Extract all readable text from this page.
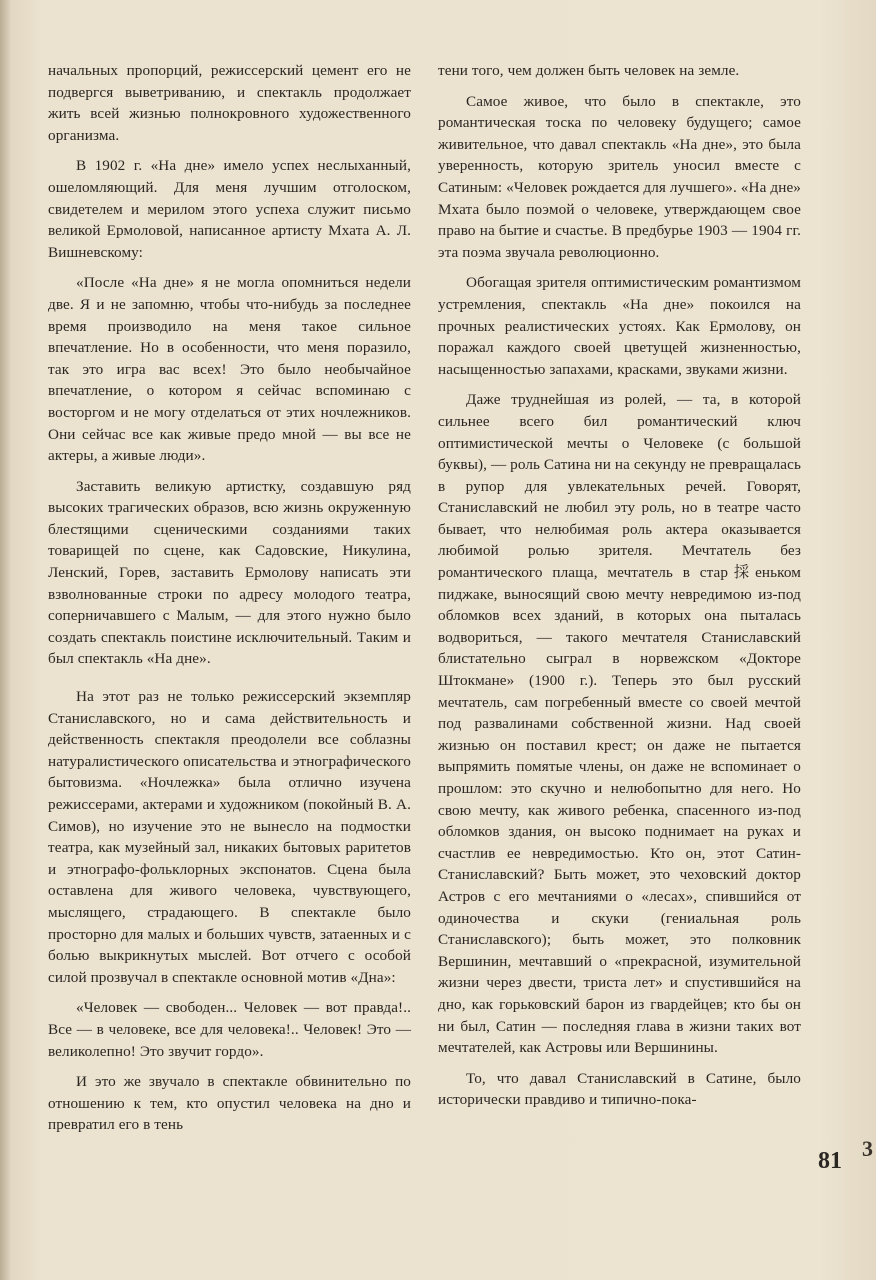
начальных пропорций, режиссерский цемент его не подвергся выветриванию, и спектакль продолжает жить всей жизнью полнокровного художественного организма.

В 1902 г. «На дне» имело успех неслыханный, ошеломляющий. Для меня лучшим отголоском, свидетелем и мерилом этого успеха служит письмо великой Ермоловой, написанное артисту Мхата А. Л. Вишневскому:

«После «На дне» я не могла опомниться недели две. Я и не запомню, чтобы что-нибудь за последнее время производило на меня такое сильное впечатление. Но в особенности, что меня поразило, так это игра вас всех! Это было необычайное впечатление, о котором я сейчас вспоминаю с восторгом и не могу отделаться от этих ночлежников. Они сейчас все как живые предо мной — вы все не актеры, а живые люди».

Заставить великую артистку, создавшую ряд высоких трагических образов, всю жизнь окруженную блестящими сценическими созданиями таких товарищей по сцене, как Садовские, Никулина, Ленский, Горев, заставить Ермолову написать эти взволнованные строки по адресу молодого театра, соперничавшего с Малым, — для этого нужно было создать спектакль поистине исключительный. Таким и был спектакль «На дне».

На этот раз не только режиссерский экземпляр Станиславского, но и сама действительность и действенность спектакля преодолели все соблазны натуралистического описательства и этнографического бытовизма. «Ночлежка» была отлично изучена режиссерами, актерами и художником (покойный В. А. Симов), но изучение это не вынесло на подмостки театра, как музейный зал, никаких бытовых раритетов и этнографо-фольклорных экспонатов. Сцена была оставлена для живого человека, чувствующего, мыслящего, страдающего. В спектакле было просторно для малых и больших чувств, затаенных и с болью выкрикнутых мыслей. Вот отчего с особой силой прозвучал в спектакле основной мотив «Дна»:

«Человек — свободен... Человек — вот правда!.. Все — в человеке, все для человека!.. Человек! Это — великолепно! Это звучит гордо».

И это же звучало в спектакле обвинительно по отношению к тем, кто опустил человека на дно и превратил его в тень

тени того, чем должен быть человек на земле.

Самое живое, что было в спектакле, это романтическая тоска по человеку будущего; самое живительное, что давал спектакль «На дне», это была уверенность, которую зритель уносил вместе с Сатиным: «Человек рождается для лучшего». «На дне» Мхата было поэмой о человеке, утверждающем свое право на бытие и счастье. В предбурье 1903 — 1904 гг. эта поэма звучала революционно.

Обогащая зрителя оптимистическим романтизмом устремления, спектакль «На дне» покоился на прочных реалистических устоях. Как Ермолову, он поражал каждого своей цветущей жизненностью, насыщенностью запахами, красками, звуками жизни.

Даже труднейшая из ролей, — та, в которой сильнее всего бил романтический ключ оптимистической мечты о Человеке (с большой буквы), — роль Сатина ни на секунду не превращалась в рупор для увлекательных речей. Говорят, Станиславский не любил эту роль, но в театре часто бывает, что нелюбимая роль актера оказывается любимой ролью зрителя. Мечтатель без романтического плаща, мечтатель в стар採еньком пиджаке, выносящий свою мечту невредимою из-под обломков всех зданий, в которых она пыталась водвориться, — такого мечтателя Станиславский блистательно сыграл в норвежском «Докторе Штокмане» (1900 г.). Теперь это был русский мечтатель, сам погребенный вместе со своей мечтой под развалинами собственной жизни. Над своей жизнью он поставил крест; он даже не пытается выпрямить помятые члены, он даже не вспоминает о прошлом: это скучно и нелюбопытно для него. Но свою мечту, как живого ребенка, спасенного из-под обломков здания, он высоко поднимает на руках и счастлив ее невредимостью. Кто он, этот Сатин-Станиславский? Быть может, это чеховский доктор Астров с его мечтаниями о «лесах», спившийся от одиночества и скуки (гениальная роль Станиславского); быть может, это полковник Вершинин, мечтавший о «прекрасной, изумительной жизни через двести, триста лет» и спустившийся на дно, как горьковский барон из гвардейцев; кто бы он ни был, Сатин — последняя глава в жизни таких вот мечтателей, как Астровы или Вершинины.

То, что давал Станиславский в Сатине, было исторически правдиво и типично-пока-

81 3
